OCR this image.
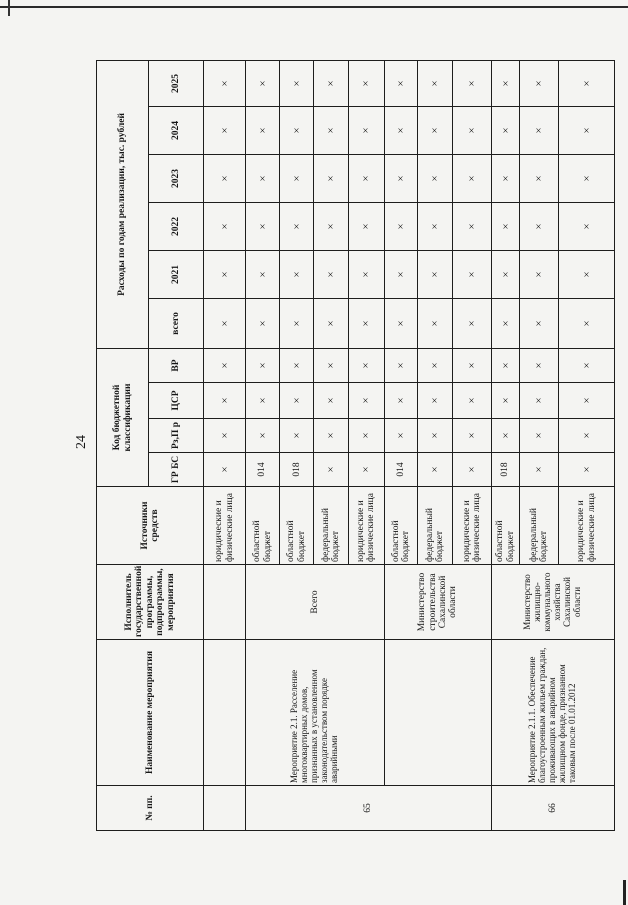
24
№ пп.	Наименование мероприятия	Исполнитель государственной программы, подпрограммы, мероприятия	Источники средств	Код бюджетной классификации				Расходы по годам реализации, тыс. рублей					
				ГР БС	Рз,П р	ЦСР	ВР	всего	2021	2022	2023	2024	2025
			юридические и физические лица	×	×	×	×	×	×	×	×	×	×
65	Мероприятие 2.1. Расселение многоквартирных домов, признанных в установленном законодательством порядке аварийными	Всего	областной бюджет	014	×	×	×	×	×	×	×	×	×
			областной бюджет	018	×	×	×	×	×	×	×	×	×
			федеральный бюджет	×	×	×	×	×	×	×	×	×	×
			юридические и физические лица	×	×	×	×	×	×	×	×	×	×
		Министерство строительства Сахалинской области	областной бюджет	014	×	×	×	×	×	×	×	×	×
			федеральный бюджет	×	×	×	×	×	×	×	×	×	×
			юридические и физические лица	×	×	×	×	×	×	×	×	×	×
66	Мероприятие 2.1.1. Обеспечение благоустроенным жильем граждан, проживающих в аварийном жилищном фонде, признанном таковым после 01.01.2012	Министерство жилищно-коммунального хозяйства Сахалинской области	областной бюджет	018	×	×	×	×	×	×	×	×	×
			федеральный бюджет	×	×	×	×	×	×	×	×	×	×
			юридические и физические лица	×	×	×	×	×	×	×	×	×	×
